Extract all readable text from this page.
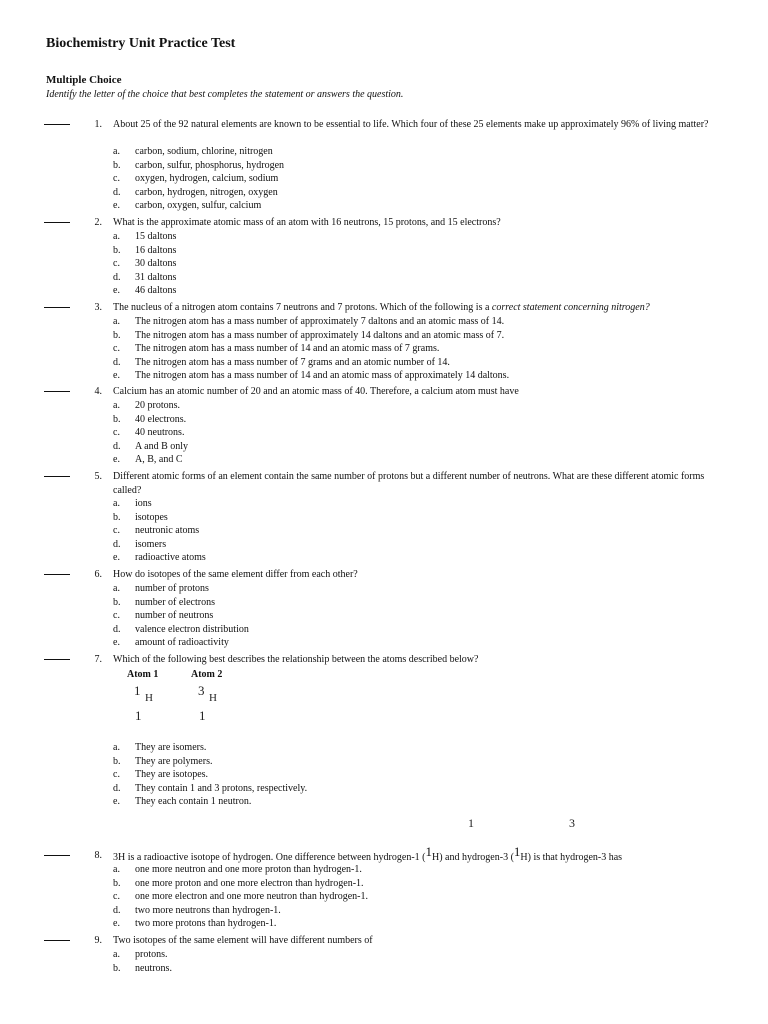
Biochemistry Unit Practice Test
Multiple Choice
Identify the letter of the choice that best completes the statement or answers the question.
1. About 25 of the 92 natural elements are known to be essential to life. Which four of these 25 elements make up approximately 96% of living matter?
a. carbon, sodium, chlorine, nitrogen
b. carbon, sulfur, phosphorus, hydrogen
c. oxygen, hydrogen, calcium, sodium
d. carbon, hydrogen, nitrogen, oxygen
e. carbon, oxygen, sulfur, calcium
2. What is the approximate atomic mass of an atom with 16 neutrons, 15 protons, and 15 electrons?
a. 15 daltons
b. 16 daltons
c. 30 daltons
d. 31 daltons
e. 46 daltons
3. The nucleus of a nitrogen atom contains 7 neutrons and 7 protons. Which of the following is a correct statement concerning nitrogen?
a. The nitrogen atom has a mass number of approximately 7 daltons and an atomic mass of 14.
b. The nitrogen atom has a mass number of approximately 14 daltons and an atomic mass of 7.
c. The nitrogen atom has a mass number of 14 and an atomic mass of 7 grams.
d. The nitrogen atom has a mass number of 7 grams and an atomic number of 14.
e. The nitrogen atom has a mass number of 14 and an atomic mass of approximately 14 daltons.
4. Calcium has an atomic number of 20 and an atomic mass of 40. Therefore, a calcium atom must have
a. 20 protons.
b. 40 electrons.
c. 40 neutrons.
d. A and B only
e. A, B, and C
5. Different atomic forms of an element contain the same number of protons but a different number of neutrons. What are these different atomic forms called?
a. ions
b. isotopes
c. neutronic atoms
d. isomers
e. radioactive atoms
6. How do isotopes of the same element differ from each other?
a. number of protons
b. number of electrons
c. number of neutrons
d. valence electron distribution
e. amount of radioactivity
7. Which of the following best describes the relationship between the atoms described below?
Atom 1	Atom 2
1 H
1
3 H
1
a. They are isomers.
b. They are polymers.
c. They are isotopes.
d. They contain 1 and 3 protons, respectively.
e. They each contain 1 neutron.
1	3
8. 3H is a radioactive isotope of hydrogen. One difference between hydrogen-1 (1H) and hydrogen-3 (1H) is that hydrogen-3 has
a. one more neutron and one more proton than hydrogen-1.
b. one more proton and one more electron than hydrogen-1.
c. one more electron and one more neutron than hydrogen-1.
d. two more neutrons than hydrogen-1.
e. two more protons than hydrogen-1.
9. Two isotopes of the same element will have different numbers of
a. protons.
b. neutrons.
